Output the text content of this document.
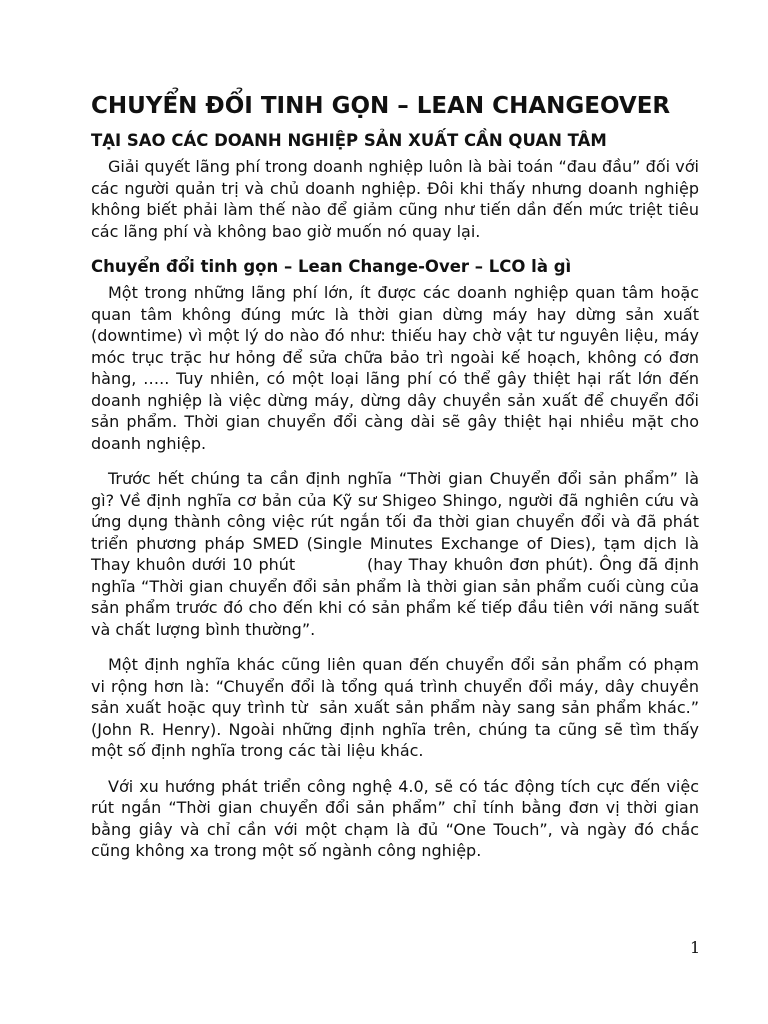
CHUYỂN ĐỔI TINH GỌN – LEAN CHANGEOVER
TẠI SAO CÁC DOANH NGHIỆP SẢN XUẤT CẦN QUAN TÂM

Giải quyết lãng phí trong doanh nghiệp luôn là bài toán “đau đầu” đối với các người quản trị và chủ doanh nghiệp. Đôi khi thấy nhưng doanh nghiệp không biết phải làm thế nào để giảm cũng như tiến dần đến mức triệt tiêu các lãng phí và không bao giờ muốn nó quay lại.

Chuyển đổi tinh gọn – Lean Change-Over – LCO là gì

Một trong những lãng phí lớn, ít được các doanh nghiệp quan tâm hoặc quan tâm không đúng mức là thời gian dừng máy hay dừng sản xuất (downtime) vì một lý do nào đó như: thiếu hay chờ vật tư nguyên liệu, máy móc trục trặc hư hỏng để sửa chữa bảo trì ngoài kế hoạch, không có đơn hàng, ….. Tuy nhiên, có một loại lãng phí có thể gây thiệt hại rất lớn đến doanh nghiệp là việc dừng máy, dừng dây chuyền sản xuất để chuyển đổi sản phẩm. Thời gian chuyển đổi càng dài sẽ gây thiệt hại nhiều mặt cho doanh nghiệp.

Trước hết chúng ta cần định nghĩa “Thời gian Chuyển đổi sản phẩm” là gì? Về định nghĩa cơ bản của Kỹ sư Shigeo Shingo, người đã nghiên cứu và ứng dụng thành công việc rút ngắn tối đa thời gian chuyển đổi và đã phát triển phương pháp SMED (Single Minutes Exchange of Dies), tạm dịch là Thay khuôn dưới 10 phút            (hay Thay khuôn đơn phút). Ông đã định nghĩa “Thời gian chuyển đổi sản phẩm là thời gian sản phẩm cuối cùng của sản phẩm trước đó cho đến khi có sản phẩm kế tiếp đầu tiên với năng suất và chất lượng bình thường”.

Một định nghĩa khác cũng liên quan đến chuyển đổi sản phẩm có phạm vi rộng hơn là: “Chuyển đổi là tổng quá trình chuyển đổi máy, dây chuyền sản xuất hoặc quy trình từ  sản xuất sản phẩm này sang sản phẩm khác.” (John R. Henry). Ngoài những định nghĩa trên, chúng ta cũng sẽ tìm thấy một số định nghĩa trong các tài liệu khác.

Với xu hướng phát triển công nghệ 4.0, sẽ có tác động tích cực đến việc rút ngắn “Thời gian chuyển đổi sản phẩm” chỉ tính bằng đơn vị thời gian bằng giây và chỉ cần với một chạm là đủ “One Touch”, và ngày đó chắc cũng không xa trong một số ngành công nghiệp.

1
